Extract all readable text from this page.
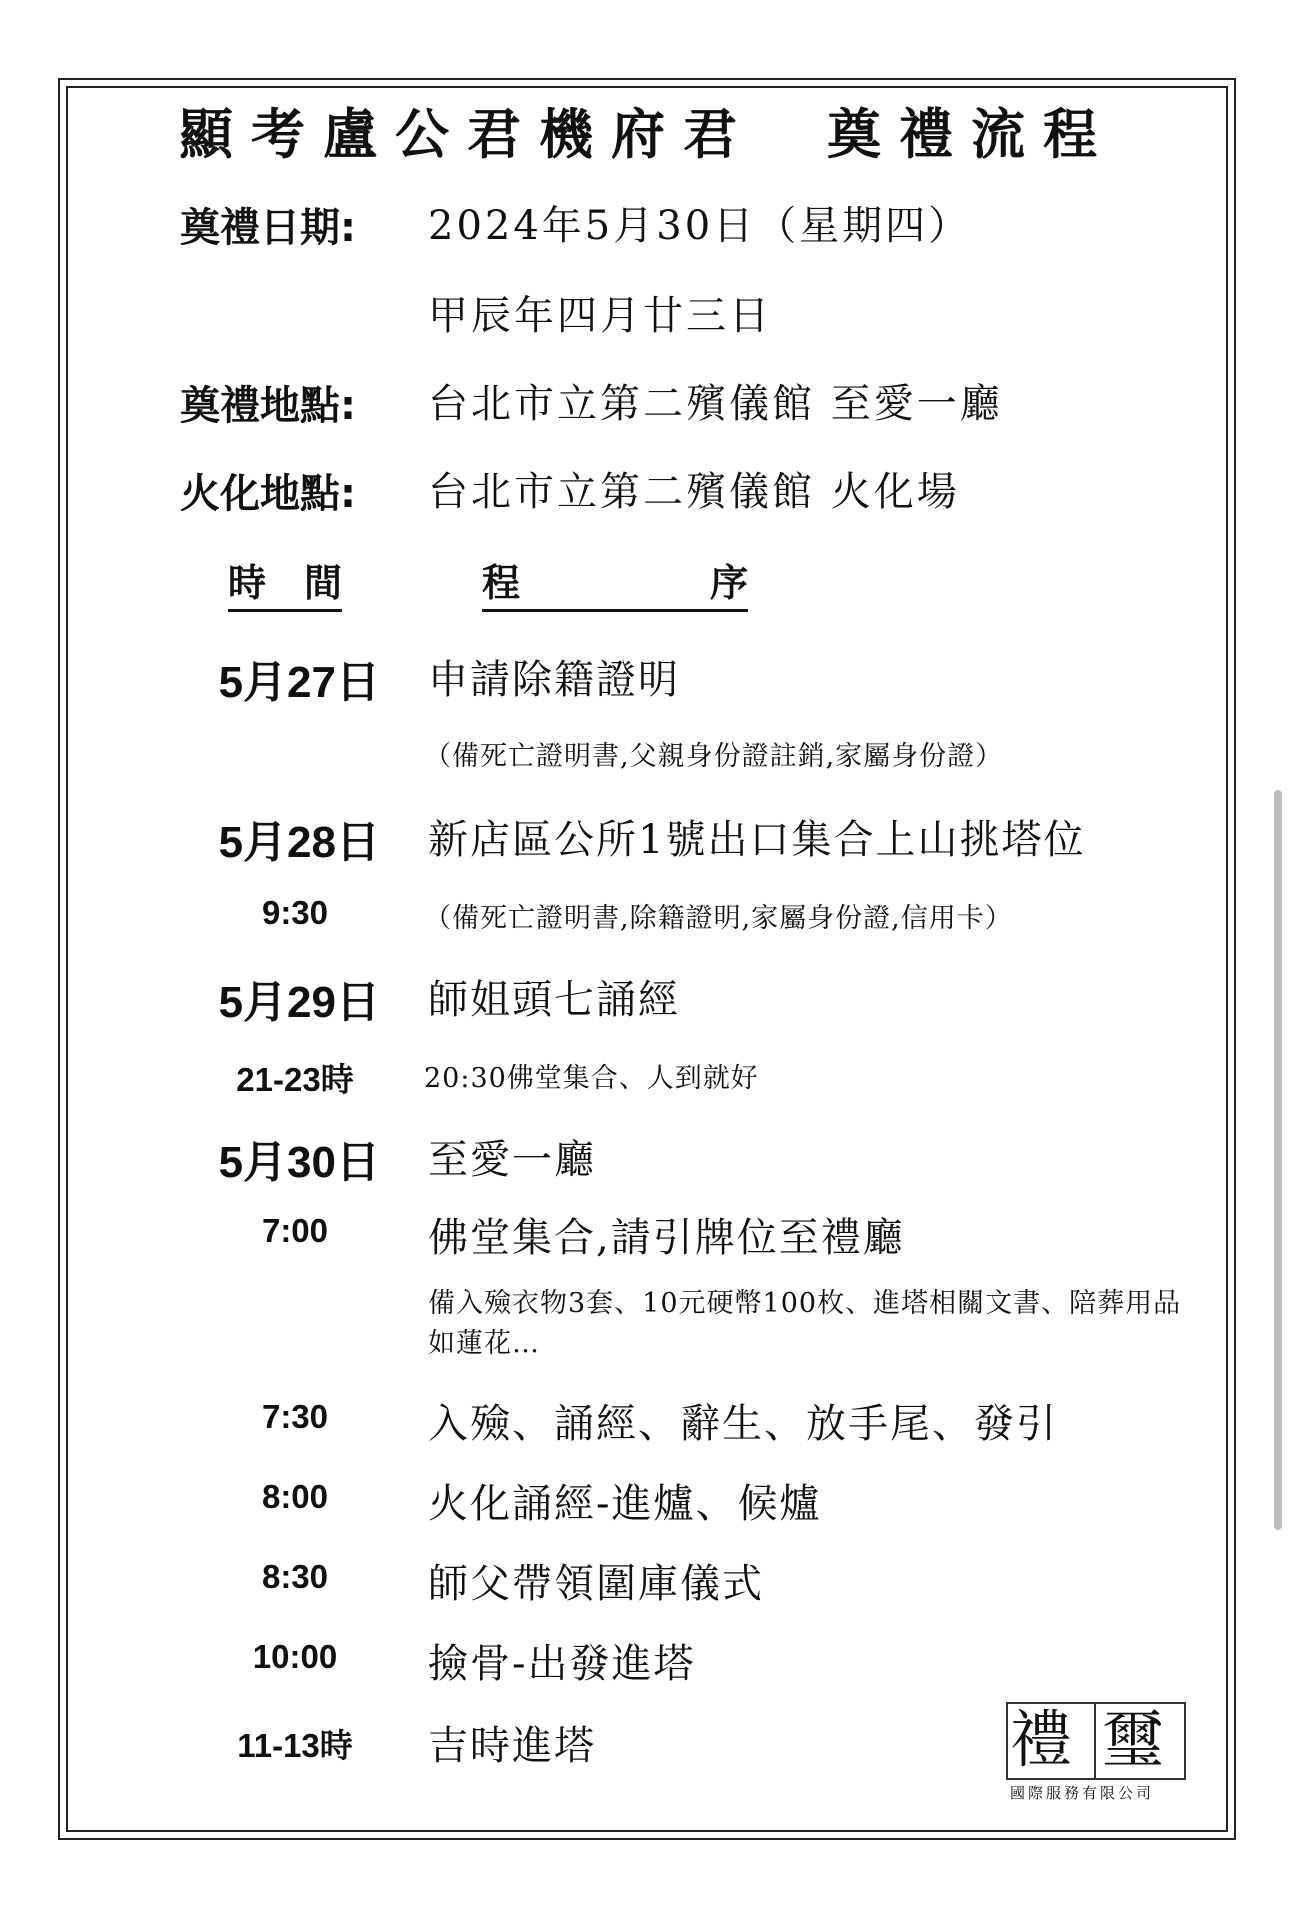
顯考盧公君機府君　奠禮流程
奠禮日期:	2024年5月30日（星期四）
甲辰年四月廿三日
奠禮地點:	台北市立第二殯儀館 至愛一廳
火化地點:	台北市立第二殯儀館 火化場
時　間	程　　　　　序
5月27日 申請除籍證明
（備死亡證明書,父親身份證註銷,家屬身份證）
5月28日 新店區公所1號出口集合上山挑塔位
9:30	（備死亡證明書,除籍證明,家屬身份證,信用卡）
5月29日 師姐頭七誦經
21-23時	20:30佛堂集合、人到就好
5月30日 至愛一廳
7:00	佛堂集合,請引牌位至禮廳
備入殮衣物3套、10元硬幣100枚、進塔相關文書、陪葬用品如蓮花…
7:30	入殮、誦經、辭生、放手尾、發引
8:00	火化誦經-進爐、候爐
8:30	師父帶領圍庫儀式
10:00	撿骨-出發進塔
11-13時	吉時進塔	禮 璽
國際服務有限公司
